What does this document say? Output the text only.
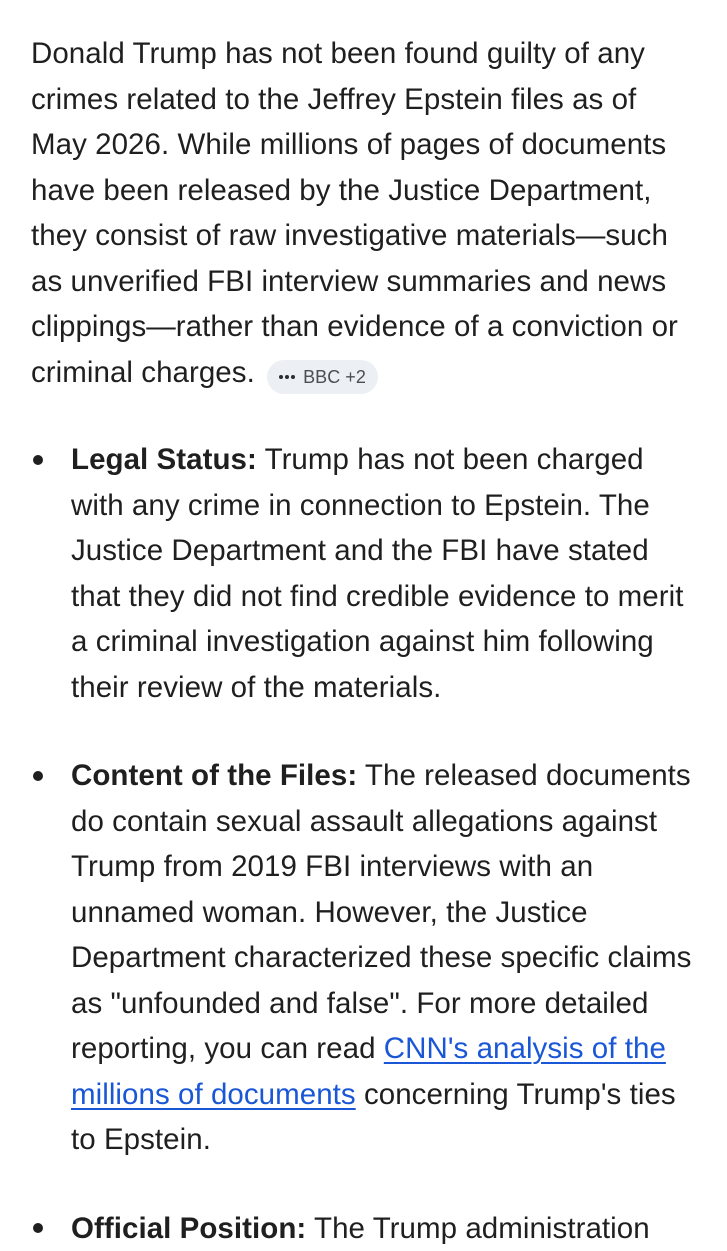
Donald Trump has not been found guilty of any crimes related to the Jeffrey Epstein files as of May 2026. While millions of pages of documents have been released by the Justice Department, they consist of raw investigative materials—such as unverified FBI interview summaries and news clippings—rather than evidence of a conviction or criminal charges.	BBC +2

Legal Status: Trump has not been charged with any crime in connection to Epstein. The Justice Department and the FBI have stated that they did not find credible evidence to merit a criminal investigation against him following their review of the materials.
Content of the Files: The released documents do contain sexual assault allegations against Trump from 2019 FBI interviews with an unnamed woman. However, the Justice Department characterized these specific claims as "unfounded and false". For more detailed reporting, you can read CNN's analysis of the millions of documents concerning Trump's ties to Epstein.
Official Position: The Trump administration
